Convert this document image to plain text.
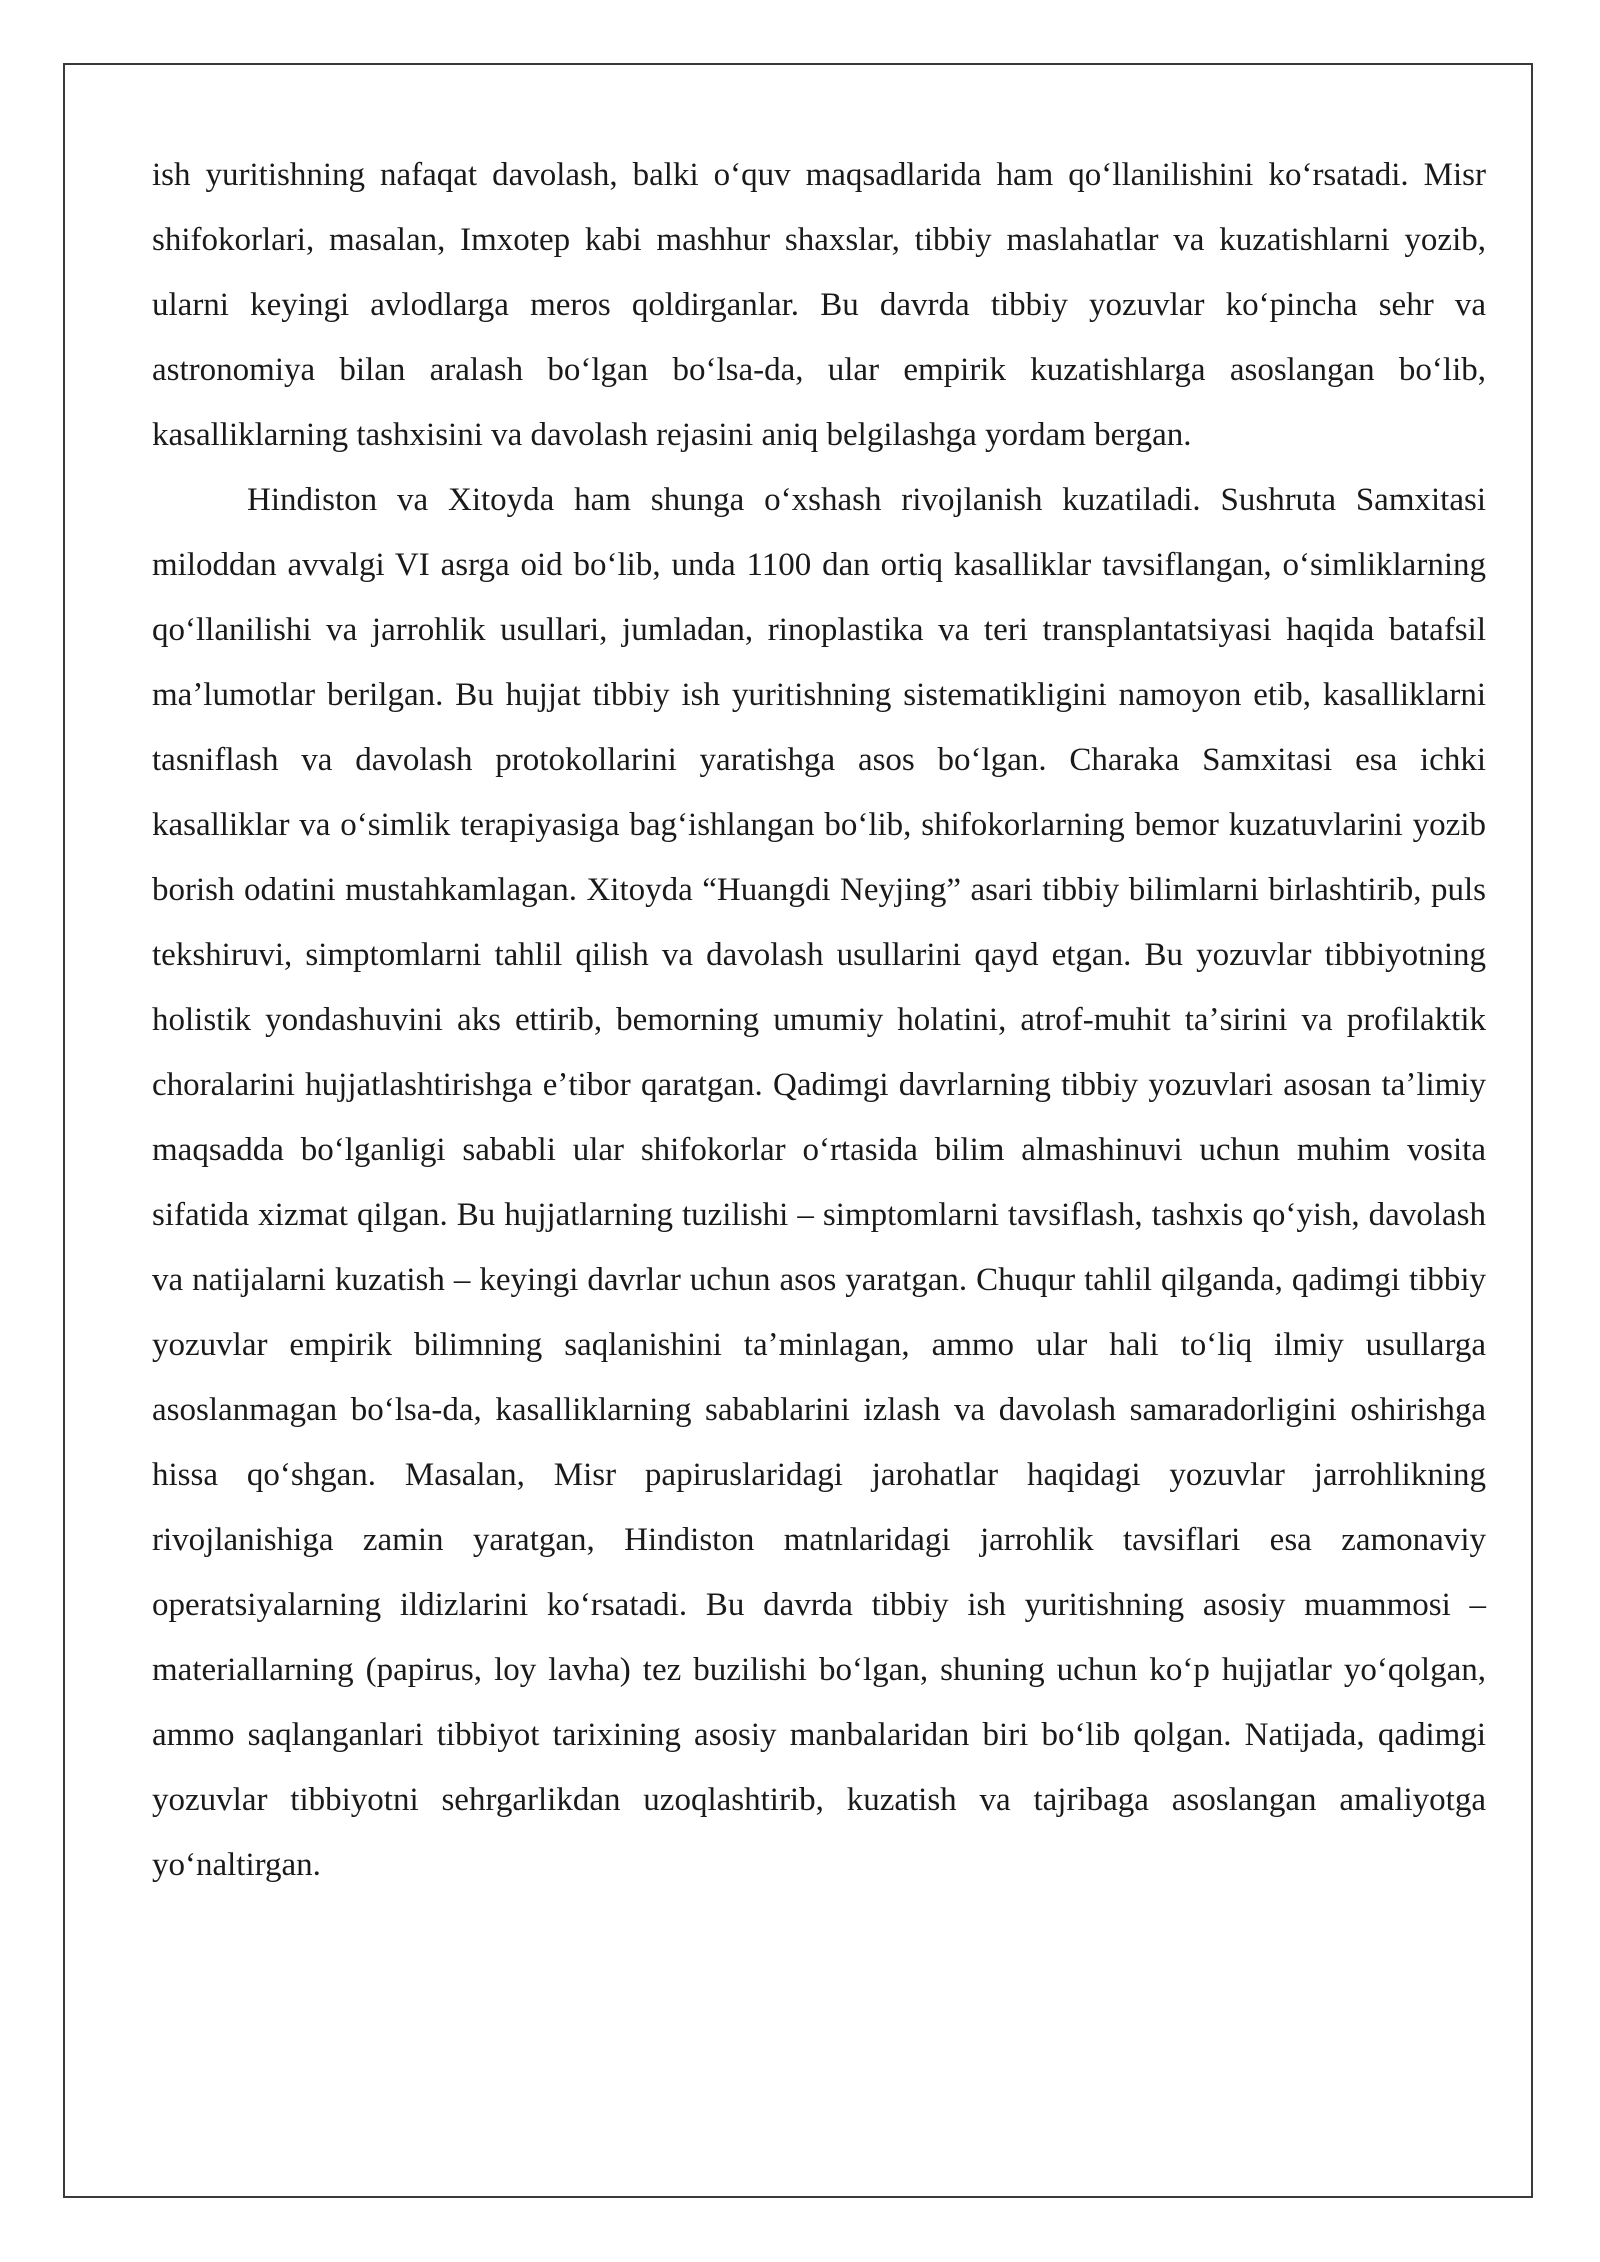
ish yuritishning nafaqat davolash, balki oʻquv maqsadlarida ham qoʻllanilishini koʻrsatadi. Misr shifokorlari, masalan, Imxotep kabi mashhur shaxslar, tibbiy maslahatlar va kuzatishlarni yozib, ularni keyingi avlodlarga meros qoldirganlar. Bu davrda tibbiy yozuvlar koʻpincha sehr va astronomiya bilan aralash boʻlgan boʻlsa-da, ular empirik kuzatishlarga asoslangan boʻlib, kasalliklarning tashxisini va davolash rejasini aniq belgilashga yordam bergan.

Hindiston va Xitoyda ham shunga oʻxshash rivojlanish kuzatiladi. Sushruta Samxitasi miloddan avvalgi VI asrga oid boʻlib, unda 1100 dan ortiq kasalliklar tavsiflangan, oʻsimliklarning qoʻllanilishi va jarrohlik usullari, jumladan, rinoplastika va teri transplantatsiyasi haqida batafsil maʼlumotlar berilgan. Bu hujjat tibbiy ish yuritishning sistematikligini namoyon etib, kasalliklarni tasniflash va davolash protokollarini yaratishga asos boʻlgan. Charaka Samxitasi esa ichki kasalliklar va oʻsimlik terapiyasiga bagʻishlangan boʻlib, shifokorlarning bemor kuzatuvlarini yozib borish odatini mustahkamlagan. Xitoyda “Huangdi Neyjing” asari tibbiy bilimlarni birlashtirib, puls tekshiruvi, simptomlarni tahlil qilish va davolash usullarini qayd etgan. Bu yozuvlar tibbiyotning holistik yondashuvini aks ettirib, bemorning umumiy holatini, atrof-muhit taʼsirini va profilaktik choralarini hujjatlashtirishga eʼtibor qaratgan. Qadimgi davrlarning tibbiy yozuvlari asosan taʼlimiy maqsadda boʻlganligi sababli ular shifokorlar oʻrtasida bilim almashinuvi uchun muhim vosita sifatida xizmat qilgan. Bu hujjatlarning tuzilishi – simptomlarni tavsiflash, tashxis qoʻyish, davolash va natijalarni kuzatish – keyingi davrlar uchun asos yaratgan. Chuqur tahlil qilganda, qadimgi tibbiy yozuvlar empirik bilimning saqlanishini taʼminlagan, ammo ular hali toʻliq ilmiy usullarga asoslanmagan boʻlsa-da, kasalliklarning sabablarini izlash va davolash samaradorligini oshirishga hissa qoʻshgan. Masalan, Misr papiruslaridagi jarohatlar haqidagi yozuvlar jarrohlikning rivojlanishiga zamin yaratgan, Hindiston matnlaridagi jarrohlik tavsiflari esa zamonaviy operatsiyalarning ildizlarini koʻrsatadi. Bu davrda tibbiy ish yuritishning asosiy muammosi – materiallarning (papirus, loy lavha) tez buzilishi boʻlgan, shuning uchun koʻp hujjatlar yoʻqolgan, ammo saqlanganlari tibbiyot tarixining asosiy manbalaridan biri boʻlib qolgan. Natijada, qadimgi yozuvlar tibbiyotni sehrgarlikdan uzoqlashtirib, kuzatish va tajribaga asoslangan amaliyotga yoʻnaltirgan.
